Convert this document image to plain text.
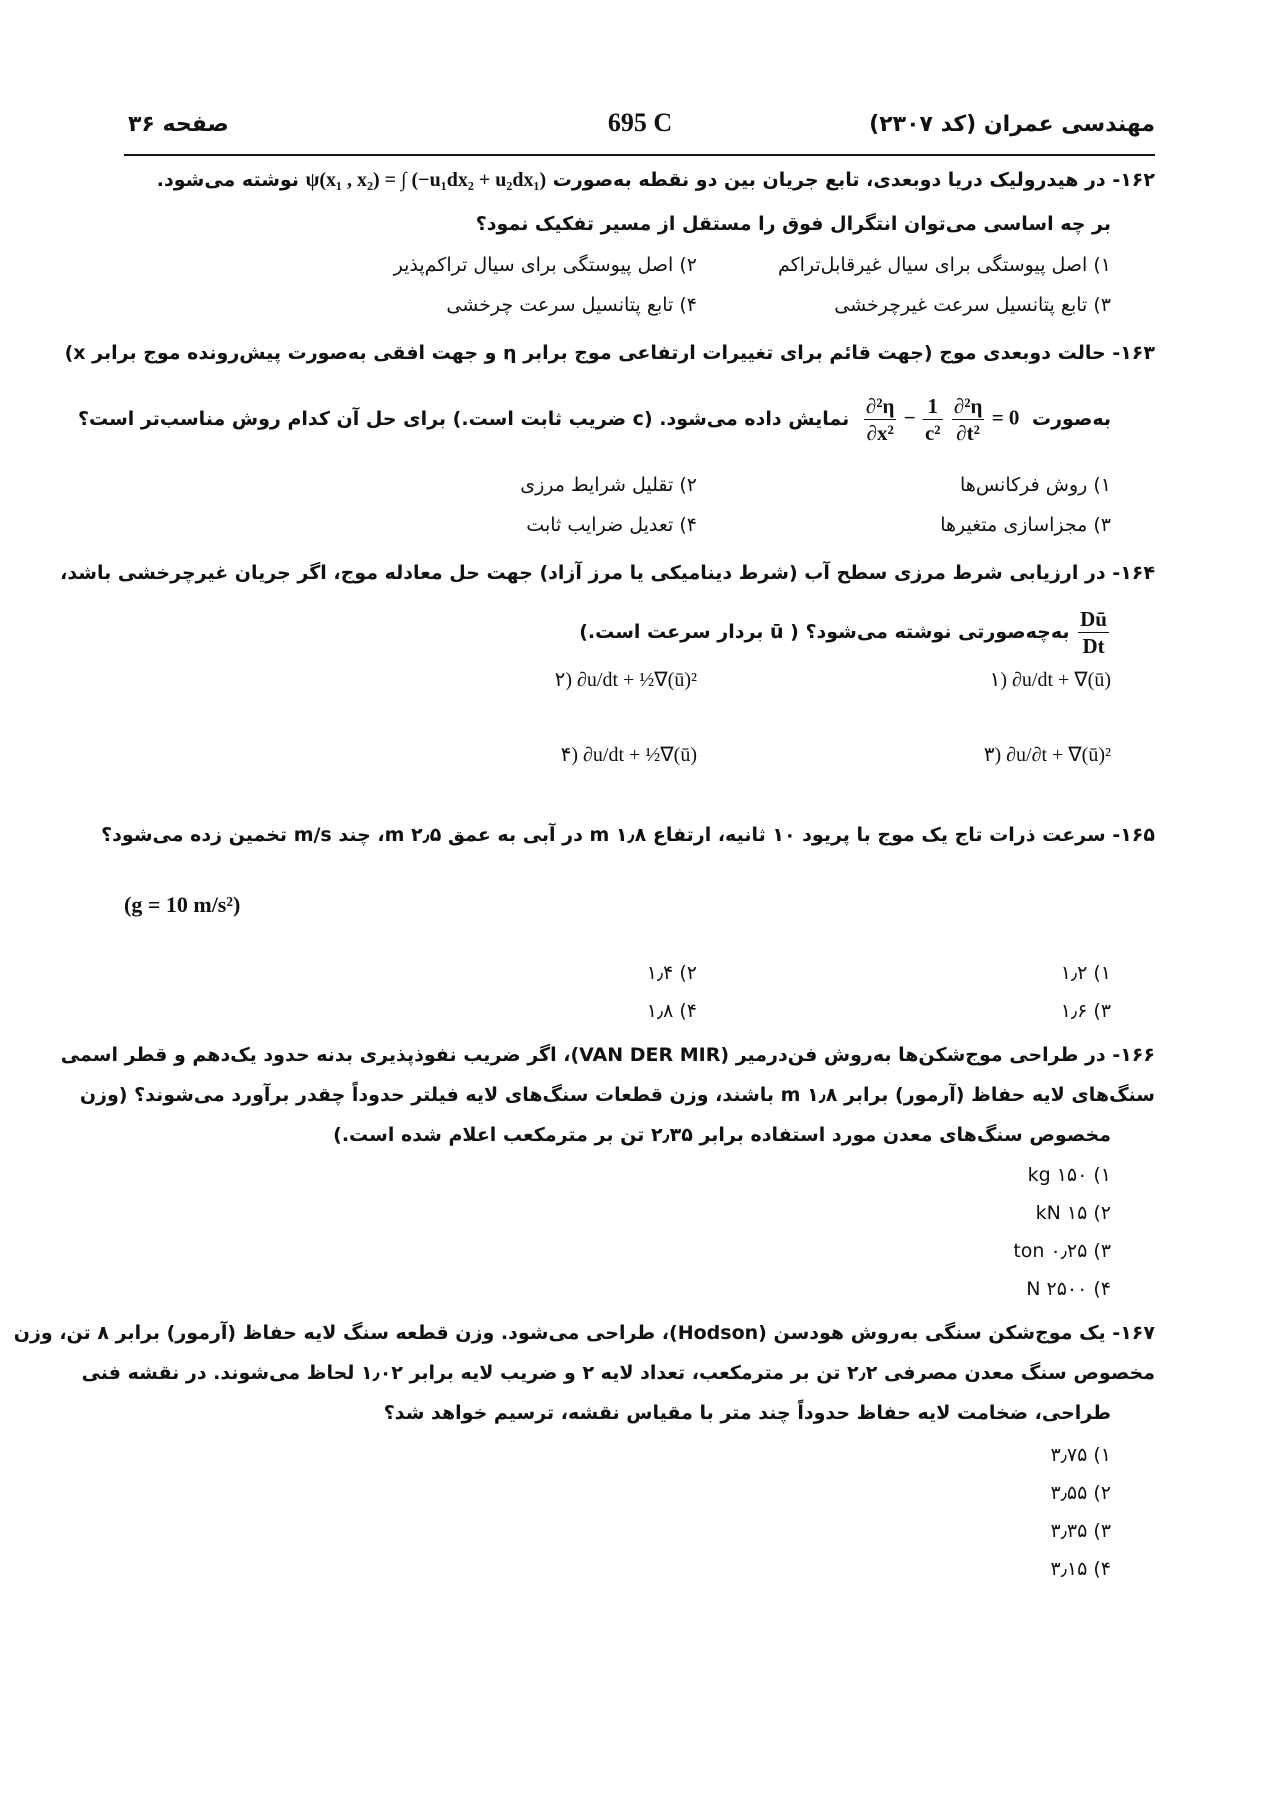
مهندسی عمران (کد ۲۳۰۷)
695 C
صفحه ۳۶
۱۶۲- در هیدرولیک دریا دوبعدی، تابع جریان بین دو نقطه به‌صورت ψ(x₁ , x₂) = ∫ (−u₁dx₂ + u₂dx₁) نوشته می‌شود.
بر چه اساسی می‌توان انتگرال فوق را مستقل از مسیر تفکیک نمود؟
۱) اصل پیوستگی برای سیال غیرقابل‌تراکم
۲) اصل پیوستگی برای سیال تراکم‌پذیر
۳) تابع پتانسیل سرعت غیرچرخشی
۴) تابع پتانسیل سرعت چرخشی
۱۶۳- حالت دوبعدی موج (جهت قائم برای تغییرات ارتفاعی موج برابر η و جهت افقی به‌صورت پیش‌رونده موج برابر x)
به‌صورت
$\frac{\text{∂²η}}{\text{∂x²}} - \frac{1}{\text{c²}}$
$\frac{\text{∂²η}}{\text{∂t²}} = 0$ نمایش داده می‌شود. (c ضریب ثابت است.) برای حل آن کدام روش مناسب‌تر است؟
۱) روش فرکانس‌ها
۲) تقلیل شرایط مرزی
۳) مجزاسازی متغیرها
۴) تعدیل ضرایب ثابت
۱۶۴- در ارزیابی شرط مرزی سطح آب (شرط دینامیکی یا مرز آزاد) جهت حل معادله موج، اگر جریان غیرچرخشی باشد،
$\frac{Dū}{Dt}$
به‌چه‌صورتی نوشته می‌شود؟ ( ū بردار سرعت است.)
۱) ∂u/dt + ∇(ū)
۲) ∂u/dt + ½∇(ū)²
۳) ∂u/∂t + ∇(ū)²
۴) ∂u/dt + ½∇(ū)
۱۶۵- سرعت ذرات تاج یک موج با پریود ۱۰ ثانیه، ارتفاع ۱٫۸ m در آبی به عمق ۲٫۵ m، چند m/s تخمین زده می‌شود؟
(g = 10 m/s²)
۱) ۱٫۲
۲) ۱٫۴
۳) ۱٫۶
۴) ۱٫۸
۱۶۶- در طراحی موج‌شکن‌ها به‌روش فن‌درمیر (VAN DER MIR)، اگر ضریب نفوذپذیری بدنه حدود یک‌دهم و قطر اسمی
سنگ‌های لایه حفاظ (آرمور) برابر ۱٫۸ m باشند، وزن قطعات سنگ‌های لایه فیلتر حدوداً چقدر برآورد می‌شوند؟ (وزن
مخصوص سنگ‌های معدن مورد استفاده برابر ۲٫۳۵ تن بر مترمکعب اعلام شده است.)
۱) ۱۵۰ kg
۲) ۱۵ kN
۳) ۰٫۲۵ ton
۴) ۲۵۰۰ N
۱۶۷- یک موج‌شکن سنگی به‌روش هودسن (Hodson)، طراحی می‌شود. وزن قطعه سنگ لایه حفاظ (آرمور) برابر ۸ تن، وزن
مخصوص سنگ معدن مصرفی ۲٫۲ تن بر مترمکعب، تعداد لایه ۲ و ضریب لایه برابر ۱٫۰۲ لحاظ می‌شوند. در نقشه فنی
طراحی، ضخامت لایه حفاظ حدوداً چند متر با مقیاس نقشه، ترسیم خواهد شد؟
۱) ۳٫۷۵
۲) ۳٫۵۵
۳) ۳٫۳۵
۴) ۳٫۱۵
